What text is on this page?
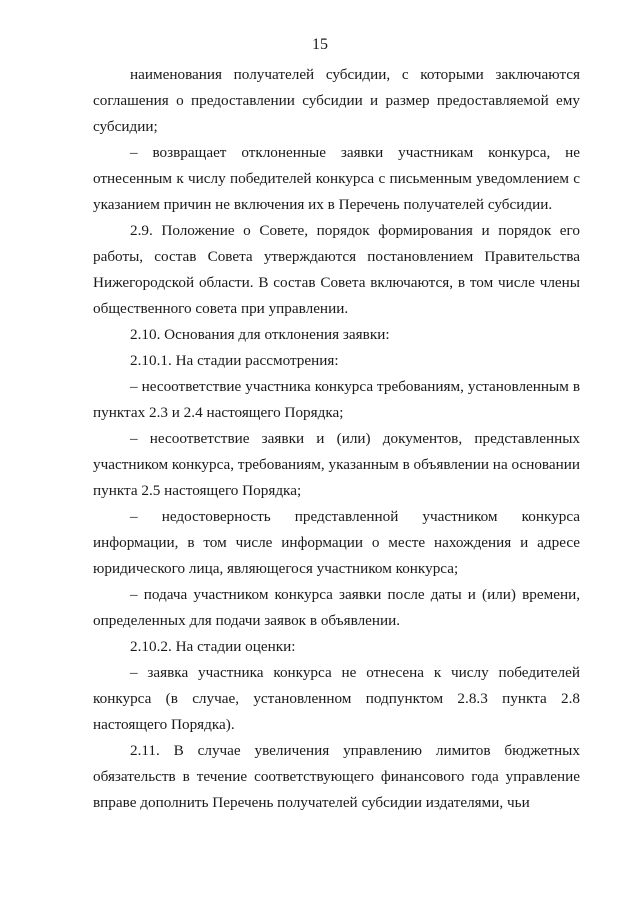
15

наименования получателей субсидии, с которыми заключаются соглашения о предоставлении субсидии и размер предоставляемой ему субсидии;

– возвращает отклоненные заявки участникам конкурса, не отнесенным к числу победителей конкурса с письменным уведомлением с указанием причин не включения их в Перечень получателей субсидии.

2.9. Положение о Совете, порядок формирования и порядок его работы, состав Совета утверждаются постановлением Правительства Нижегородской области. В состав Совета включаются, в том числе члены общественного совета при управлении.

2.10. Основания для отклонения заявки:

2.10.1. На стадии рассмотрения:

– несоответствие участника конкурса требованиям, установленным в пунктах 2.3 и 2.4 настоящего Порядка;

– несоответствие заявки и (или) документов, представленных участником конкурса, требованиям, указанным в объявлении на основании пункта 2.5 настоящего Порядка;

– недостоверность представленной участником конкурса информации, в том числе информации о месте нахождения и адресе юридического лица, являющегося участником конкурса;

– подача участником конкурса заявки после даты и (или) времени, определенных для подачи заявок в объявлении.

2.10.2. На стадии оценки:

– заявка участника конкурса не отнесена к числу победителей конкурса (в случае, установленном подпунктом 2.8.3 пункта 2.8 настоящего Порядка).

2.11. В случае увеличения управлению лимитов бюджетных обязательств в течение соответствующего финансового года управление вправе дополнить Перечень получателей субсидии издателями, чьи
